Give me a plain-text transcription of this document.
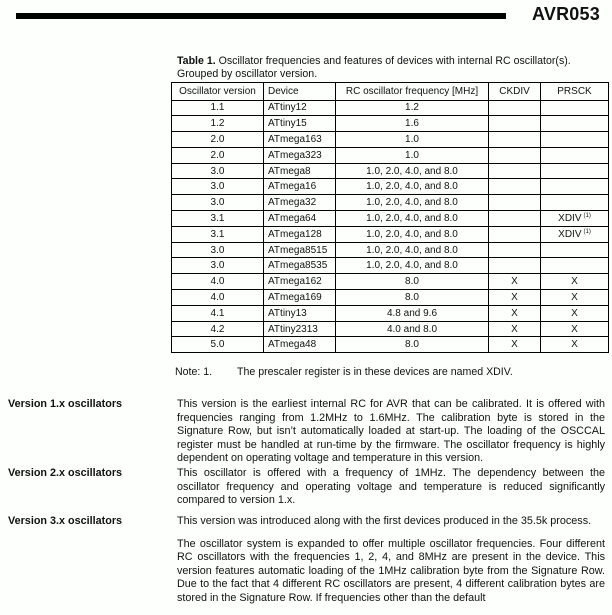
AVR053
Table 1. Oscillator frequencies and features of devices with internal RC oscillator(s). Grouped by oscillator version.
Oscillator version	Device	RC oscillator frequency [MHz]	CKDIV	PRSCK
1.1	ATtiny12	1.2		
1.2	ATtiny15	1.6		
2.0	ATmega163	1.0		
2.0	ATmega323	1.0		
3.0	ATmega8	1.0, 2.0, 4.0, and 8.0		
3.0	ATmega16	1.0, 2.0, 4.0, and 8.0		
3.0	ATmega32	1.0, 2.0, 4.0, and 8.0		
3.1	ATmega64	1.0, 2.0, 4.0, and 8.0		XDIV $^{(1)}$
3.1	ATmega128	1.0, 2.0, 4.0, and 8.0		XDIV $^{(1)}$
3.0	ATmega8515	1.0, 2.0, 4.0, and 8.0		
3.0	ATmega8535	1.0, 2.0, 4.0, and 8.0		
4.0	ATmega162	8.0	X	X
4.0	ATmega169	8.0	X	X
4.1	ATtiny13	4.8 and 9.6	X	X
4.2	ATtiny2313	4.0 and 8.0	X	X
5.0	ATmega48	8.0	X	X
Note: 1. The prescaler register is in these devices are named XDIV.
Version 1.x oscillators	This version is the earliest internal RC for AVR that can be calibrated. It is offered with frequencies ranging from 1.2MHz to 1.6MHz. The calibration byte is stored in the Signature Row, but isn’t automatically loaded at start-up. The loading of the OSCCAL register must be handled at run-time by the firmware. The oscillator frequency is highly dependent on operating voltage and temperature in this version.

Version 2.x oscillators	This oscillator is offered with a frequency of 1MHz. The dependency between the oscillator frequency and operating voltage and temperature is reduced significantly compared to version 1.x.

Version 3.x oscillators	This version was introduced along with the first devices produced in the 35.5k process.

The oscillator system is expanded to offer multiple oscillator frequencies. Four different RC oscillators with the frequencies 1, 2, 4, and 8MHz are present in the device. This version features automatic loading of the 1MHz calibration byte from the Signature Row. Due to the fact that 4 different RC oscillators are present, 4 different calibration bytes are stored in the Signature Row. If frequencies other than the default
